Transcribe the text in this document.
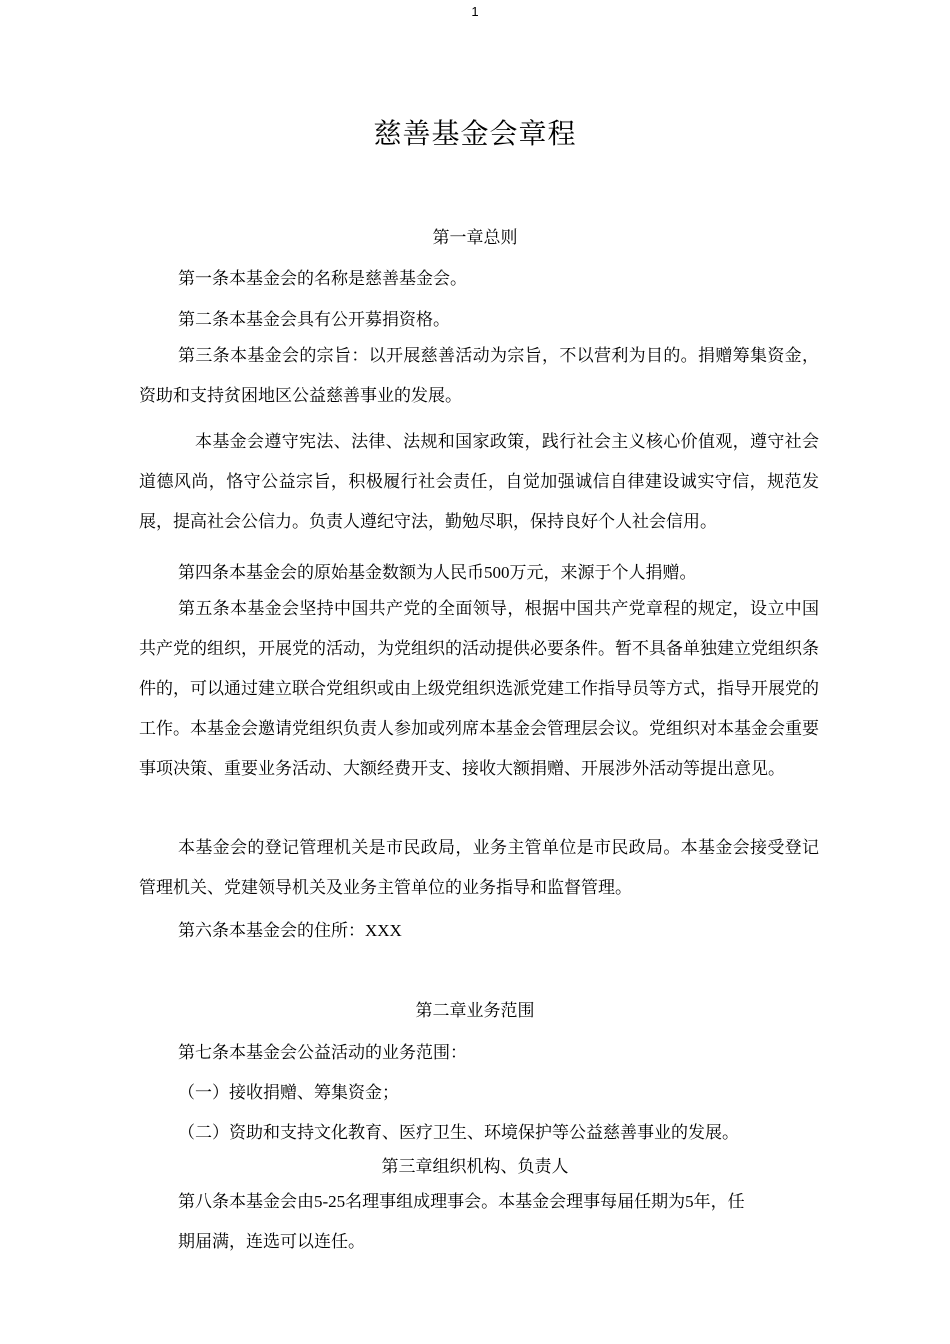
1
慈善基金会章程
第一章总则
第一条本基金会的名称是慈善基金会。
第二条本基金会具有公开募捐资格。
第三条本基金会的宗旨：以开展慈善活动为宗旨，不以营利为目的。捐赠筹集资金，资助和支持贫困地区公益慈善事业的发展。
本基金会遵守宪法、法律、法规和国家政策，践行社会主义核心价值观，遵守社会道德风尚，恪守公益宗旨，积极履行社会责任，自觉加强诚信自律建设诚实守信，规范发展，提高社会公信力。负责人遵纪守法，勤勉尽职，保持良好个人社会信用。
第四条本基金会的原始基金数额为人民币500万元，来源于个人捐赠。
第五条本基金会坚持中国共产党的全面领导，根据中国共产党章程的规定，设立中国共产党的组织，开展党的活动，为党组织的活动提供必要条件。暂不具备单独建立党组织条件的，可以通过建立联合党组织或由上级党组织选派党建工作指导员等方式，指导开展党的工作。本基金会邀请党组织负责人参加或列席本基金会管理层会议。党组织对本基金会重要事项决策、重要业务活动、大额经费开支、接收大额捐赠、开展涉外活动等提出意见。
本基金会的登记管理机关是市民政局，业务主管单位是市民政局。本基金会接受登记管理机关、党建领导机关及业务主管单位的业务指导和监督管理。
第六条本基金会的住所：XXX
第二章业务范围
第七条本基金会公益活动的业务范围：
（一）接收捐赠、筹集资金；
（二）资助和支持文化教育、医疗卫生、环境保护等公益慈善事业的发展。
第三章组织机构、负责人
第八条本基金会由5-25名理事组成理事会。本基金会理事每届任期为5年，任
期届满，连选可以连任。
